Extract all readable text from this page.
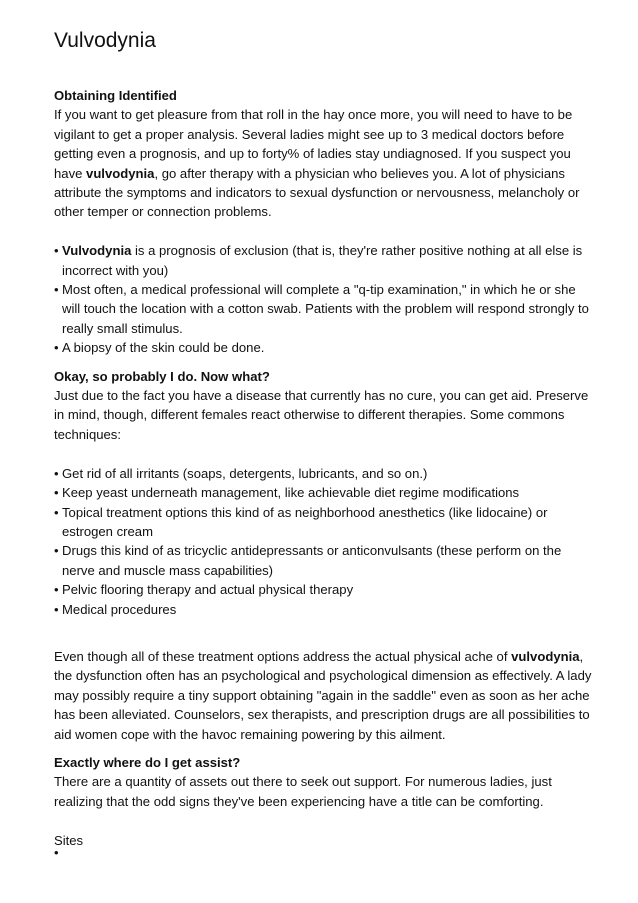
Vulvodynia

Obtaining Identified

If you want to get pleasure from that roll in the hay once more, you will need to have to be vigilant to get a proper analysis. Several ladies might see up to 3 medical doctors before getting even a prognosis, and up to forty% of ladies stay undiagnosed. If you suspect you have vulvodynia, go after therapy with a physician who believes you. A lot of physicians attribute the symptoms and indicators to sexual dysfunction or nervousness, melancholy or other temper or connection problems.

• Vulvodynia is a prognosis of exclusion (that is, they're rather positive nothing at all else is incorrect with you)
• Most often, a medical professional will complete a "q-tip examination," in which he or she will touch the location with a cotton swab. Patients with the problem will respond strongly to really small stimulus.
• A biopsy of the skin could be done.

Okay, so probably I do. Now what?

Just due to the fact you have a disease that currently has no cure, you can get aid. Preserve in mind, though, different females react otherwise to different therapies. Some commons techniques:

• Get rid of all irritants (soaps, detergents, lubricants, and so on.)
• Keep yeast underneath management, like achievable diet regime modifications
• Topical treatment options this kind of as neighborhood anesthetics (like lidocaine) or estrogen cream
• Drugs this kind of as tricyclic antidepressants or anticonvulsants (these perform on the nerve and muscle mass capabilities)
• Pelvic flooring therapy and actual physical therapy
• Medical procedures

Even though all of these treatment options address the actual physical ache of vulvodynia, the dysfunction often has an psychological and psychological dimension as effectively. A lady may possibly require a tiny support obtaining "again in the saddle" even as soon as her ache has been alleviated. Counselors, sex therapists, and prescription drugs are all possibilities to aid women cope with the havoc remaining powering by this ailment.

Exactly where do I get assist?

There are a quantity of assets out there to seek out support. For numerous ladies, just realizing that the odd signs they've been experiencing have a title can be comforting.

Sites

•
